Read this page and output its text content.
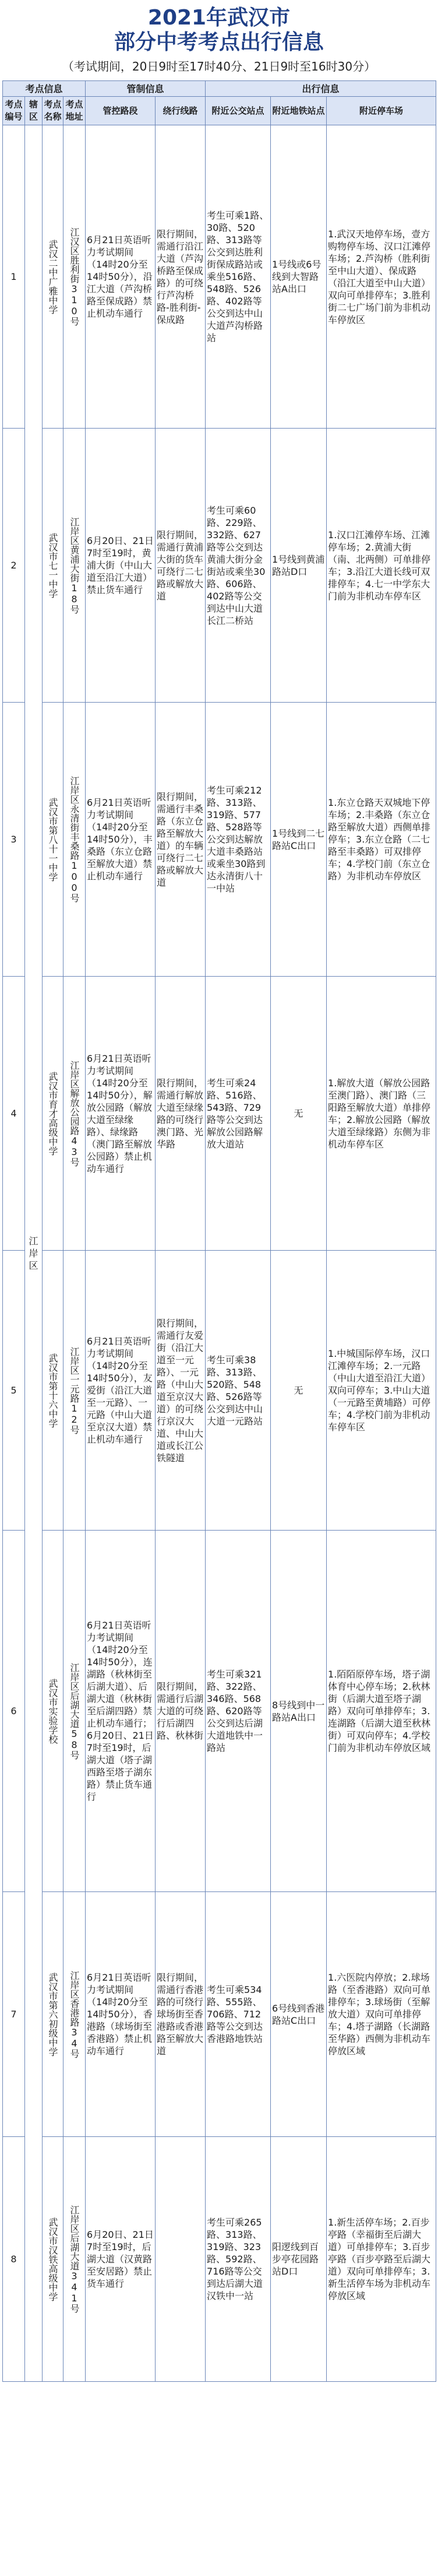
2021年武汉市
部分中考考点出行信息
（考试期间，20日9时至17时40分、21日9时至16时30分）
考点信息				管制信息		出行信息		
考点编号	辖区	考点名称	考点地址	管控路段	绕行线路	附近公交站点	附近地铁站点	附近停车场
1	江岸区	武汉二中广雅中学	江汉区胜利街310号	6月21日英语听力考试期间（14时20分至14时50分），沿江大道（芦沟桥路至保成路）禁止机动车通行	限行期间，需通行沿江大道（芦沟桥路至保成路）的可绕行芦沟桥路-胜利街-保成路	考生可乘1路、30路、520路、313路等公交到达胜利街保成路站或乘坐516路、548路、526路、402路等公交到达中山大道芦沟桥路站	1号线或6号线到大智路站A出口	1.武汉天地停车场，壹方购物停车场、汉口江滩停车场；2.芦沟桥（胜利街至中山大道）、保成路（沿江大道至中山大道）双向可单排停车；3.胜利街二七广场门前为非机动车停放区
2		武汉市七一中学	江岸区黄浦大街18号	6月20日、21日7时至19时，黄浦大街（中山大道至沿江大道）禁止货车通行	限行期间，需通行黄浦大街的货车可绕行二七路或解放大道	考生可乘60路、229路、332路、627路等公交到达黄浦大街分金街站或乘坐30路、606路、402路等公交到达中山大道长江二桥站	1号线到黄浦路站D口	1.汉口江滩停车场、江滩停车场；2.黄浦大街（南、北两侧）可单排停车；3.沿江大道长线可双排停车；4.七一中学东大门前为非机动车停车区
3		武汉市第八十一中学	江岸区永清街丰桑路100号	6月21日英语听力考试期间（14时20分至14时50分），丰桑路（东立仓路至解放大道）禁止机动车通行	限行期间，需通行丰桑路（东立仓路至解放大道）的车辆可绕行二七路或解放大道	考生可乘212路、313路、319路、577路、528路等公交到达解放大道丰桑路站或乘坐30路到达永清街八十一中站	1号线到二七路站C出口	1.东立仓路天双城地下停车场；2.丰桑路（东立仓路至解放大道）西侧单排停车；3.东立仓路（二七路至丰桑路）可双排停车；4.学校门前（东立仓路）为非机动车停放区
4		武汉市育才高级中学	江岸区解放公园路43号	6月21日英语听力考试期间（14时20分至14时50分），解放公园路（解放大道至绿缘路）、绿缘路（澳门路至解放公园路）禁止机动车通行	限行期间，需通行解放大道至绿缘路的可绕行澳门路、光华路	考生可乘24路、516路、543路、729路等公交到达解放公园路解放大道站	无	1.解放大道（解放公园路至澳门路）、澳门路（三阳路至解放大道）单排停车；2.解放公园路（解放大道至绿缘路）东侧为非机动车停车区
5		武汉市第十六中学	江岸区一元路12号	6月21日英语听力考试期间（14时20分至14时50分），友爱街（沿江大道至一元路）、一元路（中山大道至京汉大道）禁止机动车通行	限行期间，需通行友爱街（沿江大道至一元路）、一元路（中山大道至京汉大道）的可绕行京汉大道、中山大道或长江公铁隧道	考生可乘38路、313路、520路、548路、526路等公交到达中山大道一元路站	无	1.中城国际停车场，汉口江滩停车场；2.一元路（中山大道至沿江大道）双向可停车；3.中山大道（一元路至黄埔路）可停车；4.学校门前为非机动车停车区
6		武汉市实验学校	江岸区后湖大道58号	6月21日英语听力考试期间（14时20分至14时50分），连湖路（秋林街至后湖大道）、后湖大道（秋林街至后湖四路）禁止机动车通行；6月20日、21日7时至19时，后湖大道（塔子湖西路至塔子湖东路）禁止货车通行	限行期间，需通行后湖大道的可绕行后湖四路、秋林街	考生可乘321路、322路、346路、568路、620路等公交到达后湖大道地铁中一路站	8号线到中一路站A出口	1.陌陌原停车场，塔子湖体育中心停车场；2.秋林街（后湖大道至塔子湖路）双向可单排停车；3.连湖路（后湖大道至秋林街）可双向停车；4.学校门前为非机动车停放区域
7		武汉市第六初级中学	江岸区香港路34号	6月21日英语听力考试期间（14时20分至14时50分），香港路（球场街至香港路）禁止机动车通行	限行期间，需通行香港路的可绕行球场街至香港路或香港路至解放大道	考生可乘534路、555路、706路、712路等公交到达香港路地铁站	6号线到香港路站C出口	1.六医院内停放；2.球场路（至香港路）双向可单排停车；3.球场街（至解放大道）双向可单排停车；4.塔子湖路（长湖路至华路）西侧为非机动车停放区域
8		武汉市汉铁高级中学	江岸区后湖大道341号	6月20日、21日7时至19时，后湖大道（汉黄路至安居路）禁止货车通行		考生可乘265路、313路、319路、323路、592路、716路等公交到达后湖大道汉铁中一站	阳逻线到百步亭花园路站D口	1.新生活停车场；2.百步亭路（幸福街至后湖大道）可单排停车；3.百步亭路（百步亭路至后湖大道）双向可单排停车；3.新生活停车场为非机动车停放区域
